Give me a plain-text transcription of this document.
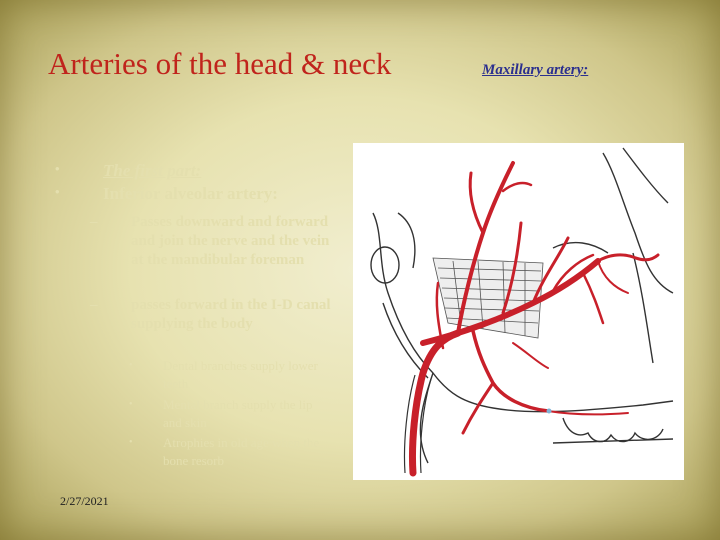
Arteries of the head & neck	Maxillary artery:
•	The first part:
•	Inferior alveolar artery:
– Passes downward and forward and join the nerve and the vein at the mandibular foreman
– passes forward in the I-D canal supplying the body
• Dental branches supply lower teeth
• Mental branch supply the lip and skin
• Atrophies in old age when the bone resorb
2/27/2021
